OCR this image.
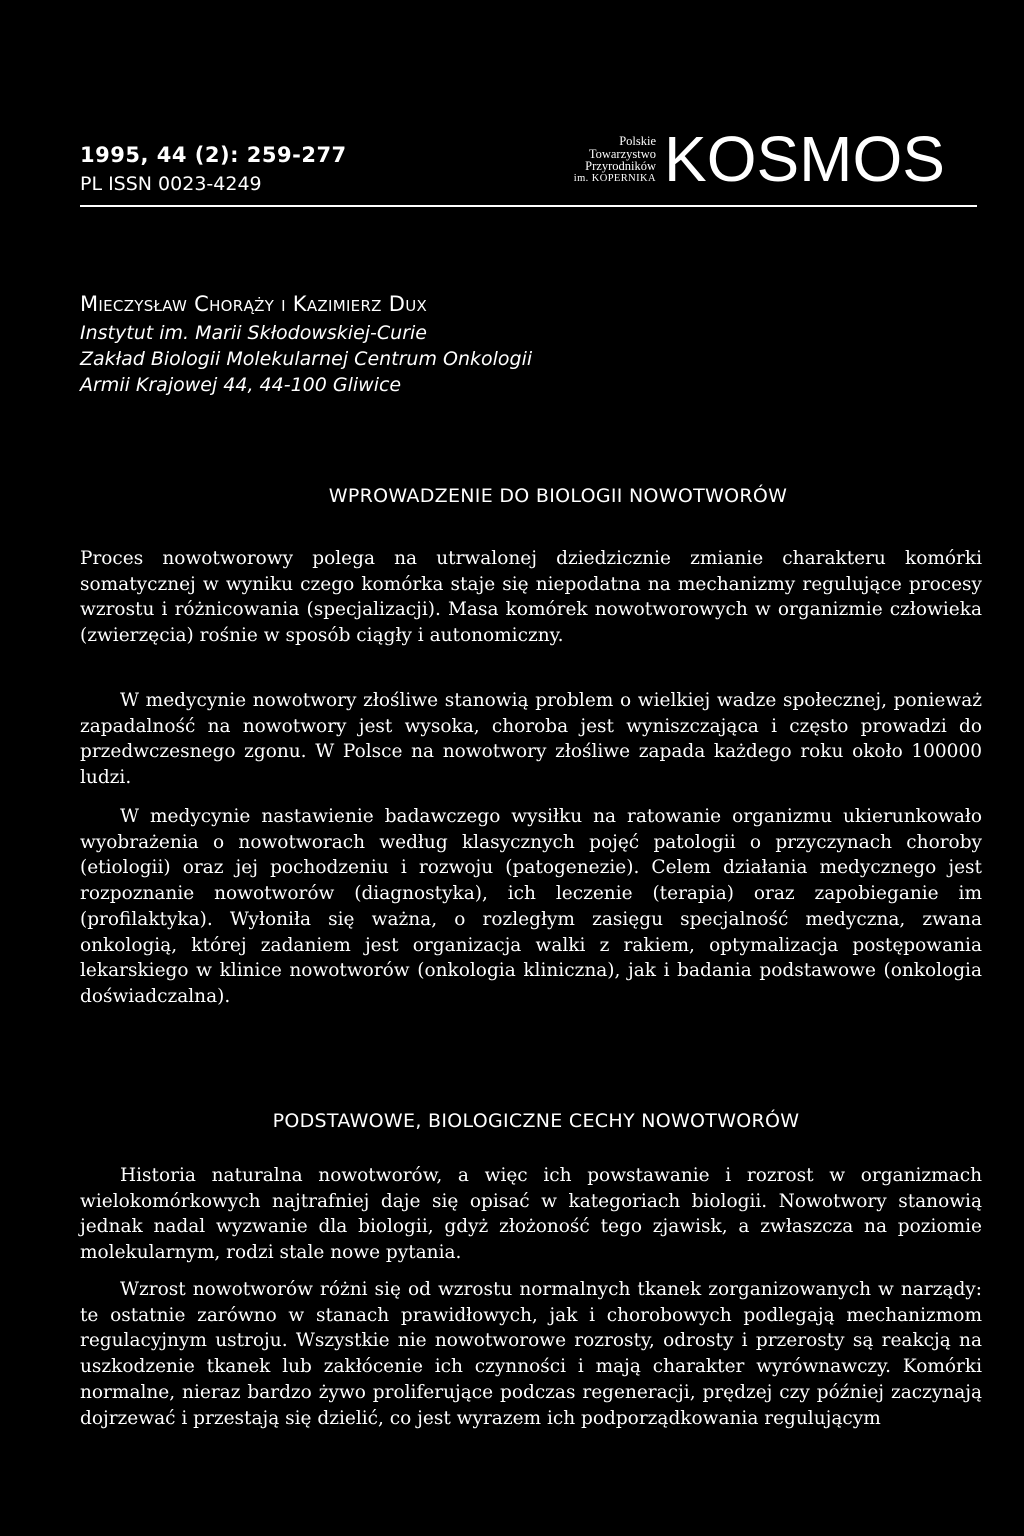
1995, 44 (2): 259-277
PL ISSN 0023-4249
Polskie
Towarzystwo
Przyrodników
im. KOPERNIKA KOSMOS
Mieczysław Chorąży i Kazimierz Dux
Instytut im. Marii Skłodowskiej-Curie
Zakład Biologii Molekularnej Centrum Onkologii
Armii Krajowej 44, 44-100 Gliwice
WPROWADZENIE DO BIOLOGII NOWOTWORÓW

Proces nowotworowy polega na utrwalonej dziedzicznie zmianie charakteru komórki somatycznej w wyniku czego komórka staje się niepodatna na mechanizmy regulujące procesy wzrostu i różnicowania (specjalizacji). Masa komórek nowotworowych w organizmie człowieka (zwierzęcia) rośnie w sposób ciągły i autonomiczny.

W medycynie nowotwory złośliwe stanowią problem o wielkiej wadze społecznej, ponieważ zapadalność na nowotwory jest wysoka, choroba jest wyniszczająca i często prowadzi do przedwczesnego zgonu. W Polsce na nowotwory złośliwe zapada każdego roku około 100000 ludzi.

W medycynie nastawienie badawczego wysiłku na ratowanie organizmu ukierunkowało wyobrażenia o nowotworach według klasycznych pojęć patologii o przyczynach choroby (etiologii) oraz jej pochodzeniu i rozwoju (patogenezie). Celem działania medycznego jest rozpoznanie nowotworów (diagnostyka), ich leczenie (terapia) oraz zapobieganie im (profilaktyka). Wyłoniła się ważna, o rozległym zasięgu specjalność medyczna, zwana onkologią, której zadaniem jest organizacja walki z rakiem, optymalizacja postępowania lekarskiego w klinice nowotworów (onkologia kliniczna), jak i badania podstawowe (onkologia doświadczalna).

PODSTAWOWE, BIOLOGICZNE CECHY NOWOTWORÓW

Historia naturalna nowotworów, a więc ich powstawanie i rozrost w organizmach wielokomórkowych najtrafniej daje się opisać w kategoriach biologii. Nowotwory stanowią jednak nadal wyzwanie dla biologii, gdyż złożoność tego zjawisk, a zwłaszcza na poziomie molekularnym, rodzi stale nowe pytania.

Wzrost nowotworów różni się od wzrostu normalnych tkanek zorganizowanych w narządy: te ostatnie zarówno w stanach prawidłowych, jak i chorobowych podlegają mechanizmom regulacyjnym ustroju. Wszystkie nie nowotworowe rozrosty, odrosty i przerosty są reakcją na uszkodzenie tkanek lub zakłócenie ich czynności i mają charakter wyrównawczy. Komórki normalne, nieraz bardzo żywo proliferujące podczas regeneracji, prędzej czy później zaczynają dojrzewać i przestają się dzielić, co jest wyrazem ich podporządkowania regulującym
